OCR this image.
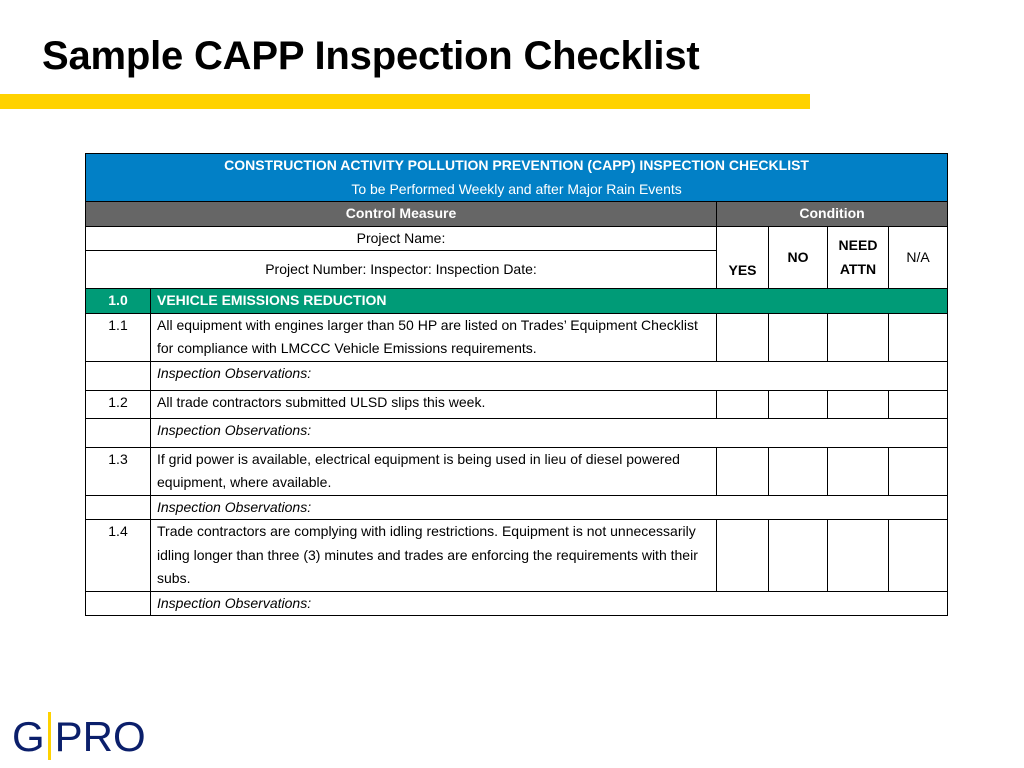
Sample CAPP Inspection Checklist
CONSTRUCTION ACTIVITY POLLUTION PREVENTION (CAPP) INSPECTION CHECKLIST
To be Performed Weekly and after Major Rain Events					

Control Measure		Condition			
Project Name:		YES	NO	NEED ATTN	N/A
Project Number: Inspector: Inspection Date:					
1.0	VEHICLE EMISSIONS REDUCTION				
1.1	All equipment with engines larger than 50 HP are listed on Trades’ Equipment Checklist for compliance with LMCCC Vehicle Emissions requirements.				
	Inspection Observations:				
1.2	All trade contractors submitted ULSD slips this week.				
	Inspection Observations:				
1.3	If grid power is available, electrical equipment is being used in lieu of diesel powered equipment, where available.				
	Inspection Observations:				
1.4	Trade contractors are complying with idling restrictions. Equipment is not unnecessarily idling longer than three (3) minutes and trades are enforcing the requirements with their subs.				
	Inspection Observations:				
G PRO
